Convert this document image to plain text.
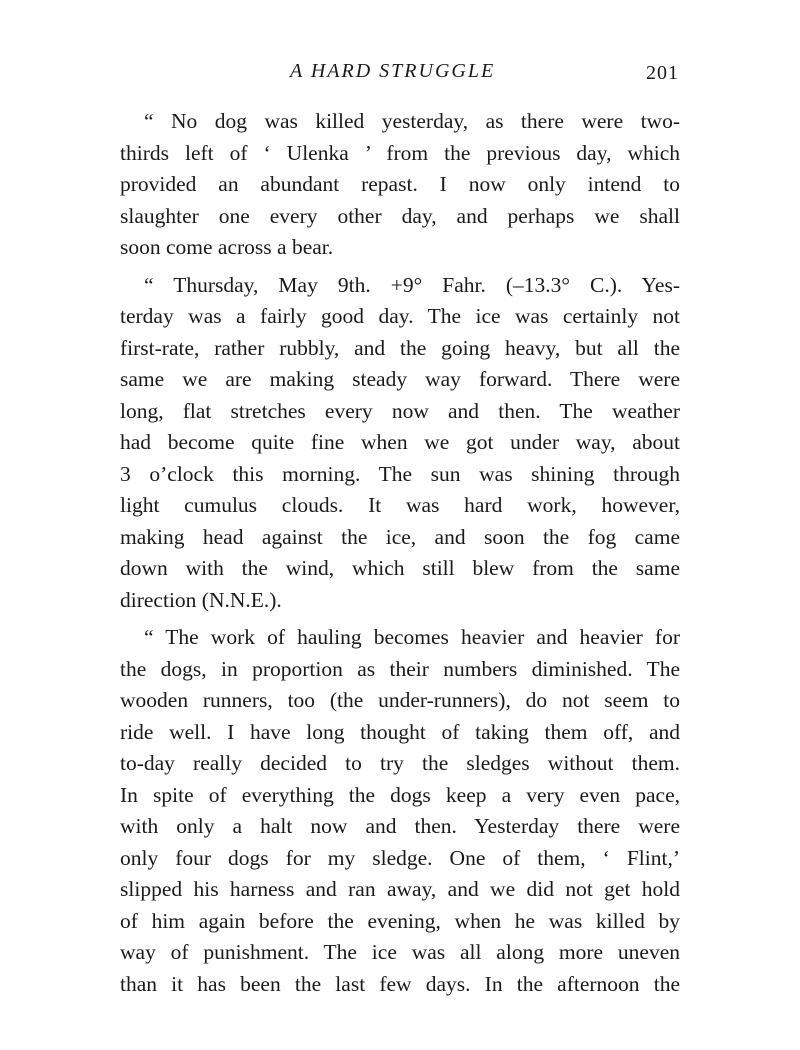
A HARD STRUGGLE	201
“ No dog was killed yesterday, as there were two-
thirds left of ‘ Ulenka ’ from the previous day, which
provided an abundant repast. I now only intend to
slaughter one every other day, and perhaps we shall
soon come across a bear.
“ Thursday, May 9th. +9° Fahr. (–13.3° C.). Yes-
terday was a fairly good day. The ice was certainly not
first-rate, rather rubbly, and the going heavy, but all the
same we are making steady way forward. There were
long, flat stretches every now and then. The weather
had become quite fine when we got under way, about
3 o’clock this morning. The sun was shining through
light cumulus clouds. It was hard work, however,
making head against the ice, and soon the fog came
down with the wind, which still blew from the same
direction (N.N.E.).
“ The work of hauling becomes heavier and heavier for
the dogs, in proportion as their numbers diminished. The
wooden runners, too (the under-runners), do not seem to
ride well. I have long thought of taking them off, and
to-day really decided to try the sledges without them.
In spite of everything the dogs keep a very even pace,
with only a halt now and then. Yesterday there were
only four dogs for my sledge. One of them, ‘ Flint,’
slipped his harness and ran away, and we did not get hold
of him again before the evening, when he was killed by
way of punishment. The ice was all along more uneven
than it has been the last few days. In the afternoon the
